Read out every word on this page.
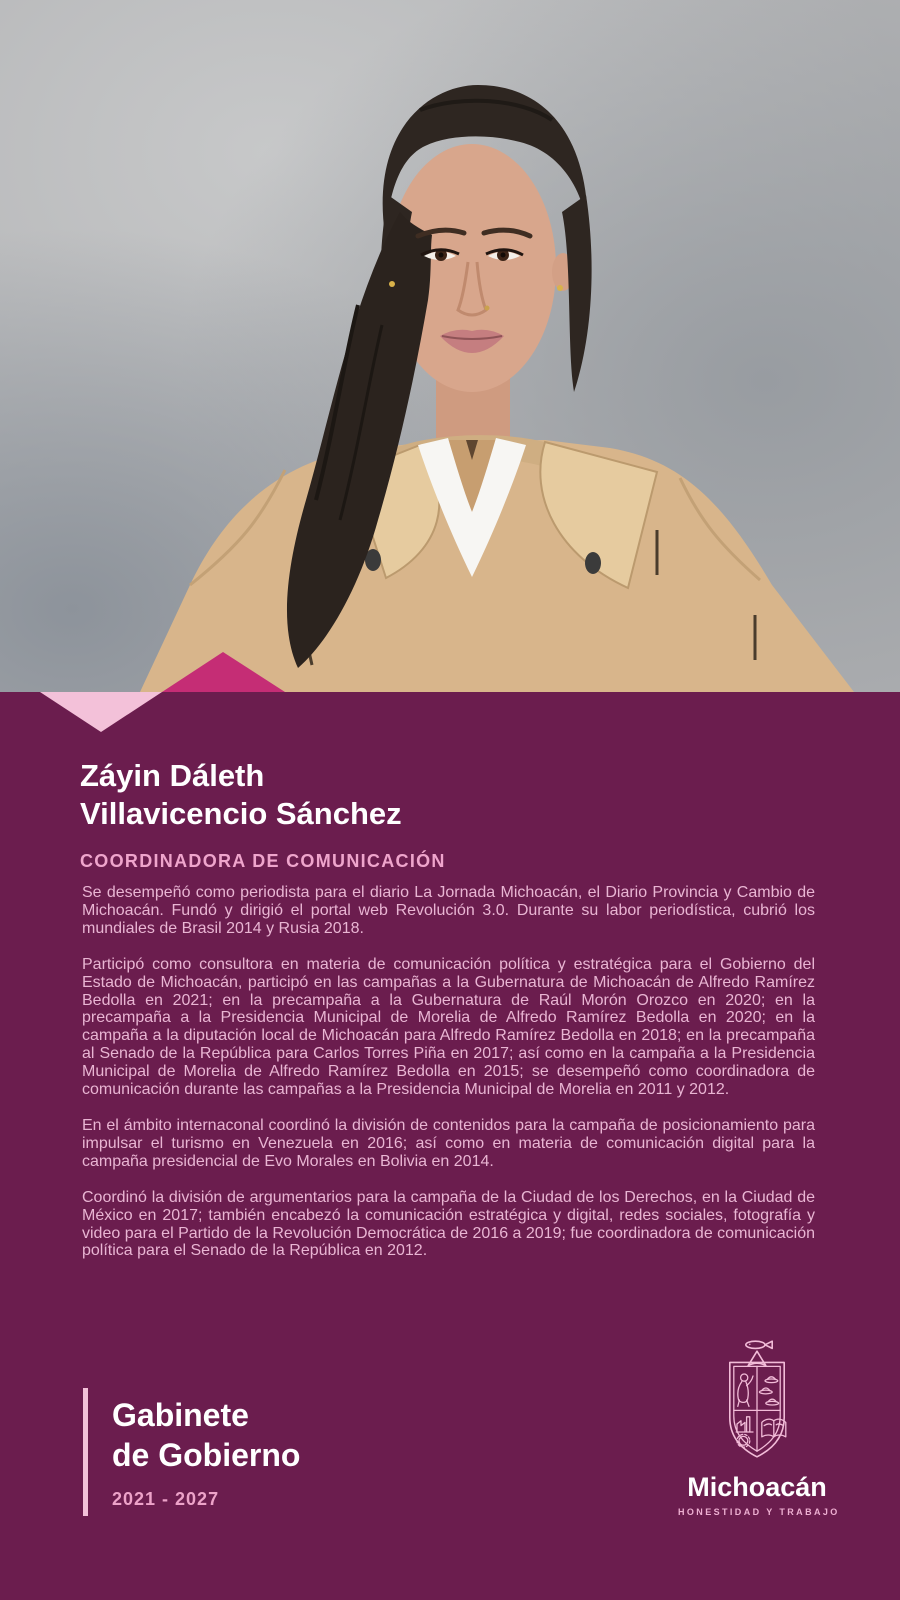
Záyin Dáleth
Villavicencio Sánchez
COORDINADORA DE COMUNICACIÓN

Se desempeñó como periodista para el diario La Jornada Michoacán, el Diario Provincia y Cambio de Michoacán. Fundó y dirigió el portal web Revolución 3.0. Durante su labor periodística, cubrió los mundiales de Brasil 2014 y Rusia 2018.

Participó como consultora en materia de comunicación política y estratégica para el Gobierno del Estado de Michoacán, participó en las campañas a la Gubernatura de Michoacán de Alfredo Ramírez Bedolla en 2021; en la precampaña a la Gubernatura de Raúl Morón Orozco en 2020; en la precampaña a la Presidencia Municipal de Morelia de Alfredo Ramírez Bedolla en 2020; en la campaña a la diputación local de Michoacán para Alfredo Ramírez Bedolla en 2018; en la precampaña al Senado de la República para Carlos Torres Piña en 2017; así como en la campaña a la Presidencia Municipal de Morelia de Alfredo Ramírez Bedolla en 2015; se desempeñó como coordinadora de comunicación durante las campañas a la Presidencia Municipal de Morelia en 2011 y 2012.

En el ámbito internaconal coordinó la división de contenidos para la campaña de posicionamiento para impulsar el turismo en Venezuela en 2016; así como en materia de comunicación digital para la campaña presidencial de Evo Morales en Bolivia en 2014.

Coordinó la división de argumentarios para la campaña de la Ciudad de los Derechos, en la Ciudad de México en 2017; también encabezó la comunicación estratégica y digital, redes sociales, fotografía y video para el Partido de la Revolución Democrática de 2016 a 2019; fue coordinadora de comunicación política para el Senado de la República en 2012.

Gabinete
de Gobierno
2021 - 2027	Michoacán
HONESTIDAD Y TRABAJO
